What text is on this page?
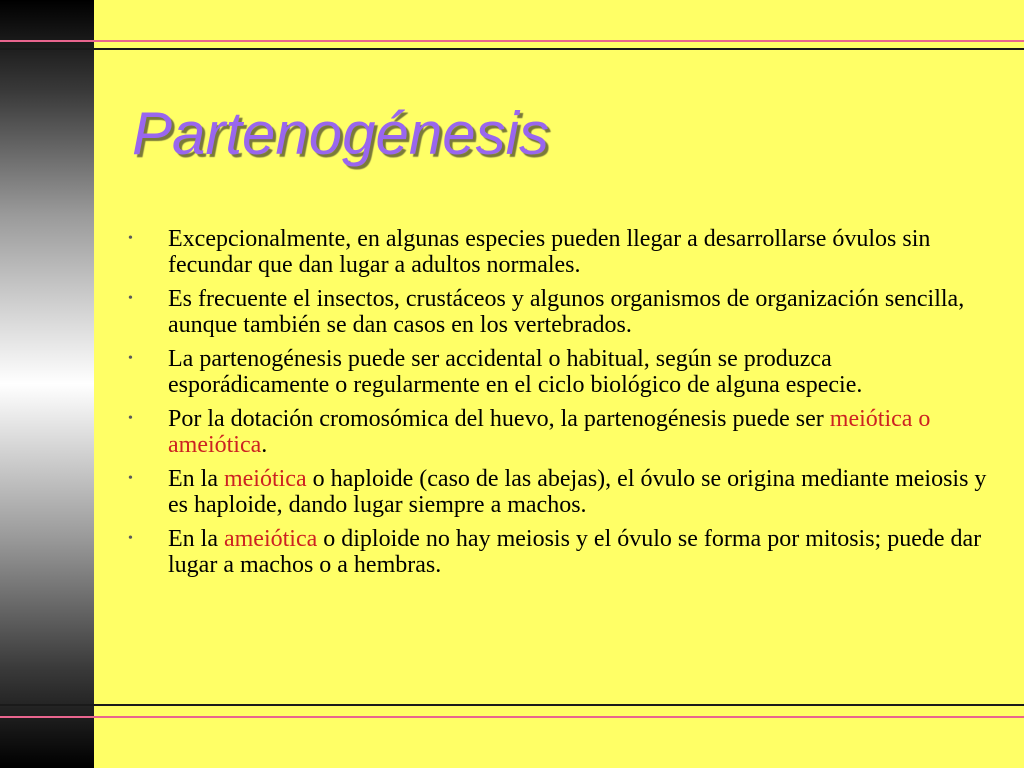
Partenogénesis
• Excepcionalmente, en algunas especies pueden llegar a desarrollarse óvulos sin fecundar que dan lugar a adultos normales.
• Es frecuente el insectos, crustáceos y algunos organismos de organización sencilla, aunque también se dan casos en los vertebrados.
• La partenogénesis puede ser accidental o habitual, según se produzca esporádicamente o regularmente en el ciclo biológico de alguna especie.
• Por la dotación cromosómica del huevo, la partenogénesis puede ser meiótica o ameiótica.
• En la meiótica o haploide (caso de las abejas), el óvulo se origina mediante meiosis y es haploide, dando lugar siempre a machos.
• En la ameiótica o diploide no hay meiosis y el óvulo se forma por mitosis; puede dar lugar a machos o a hembras.
